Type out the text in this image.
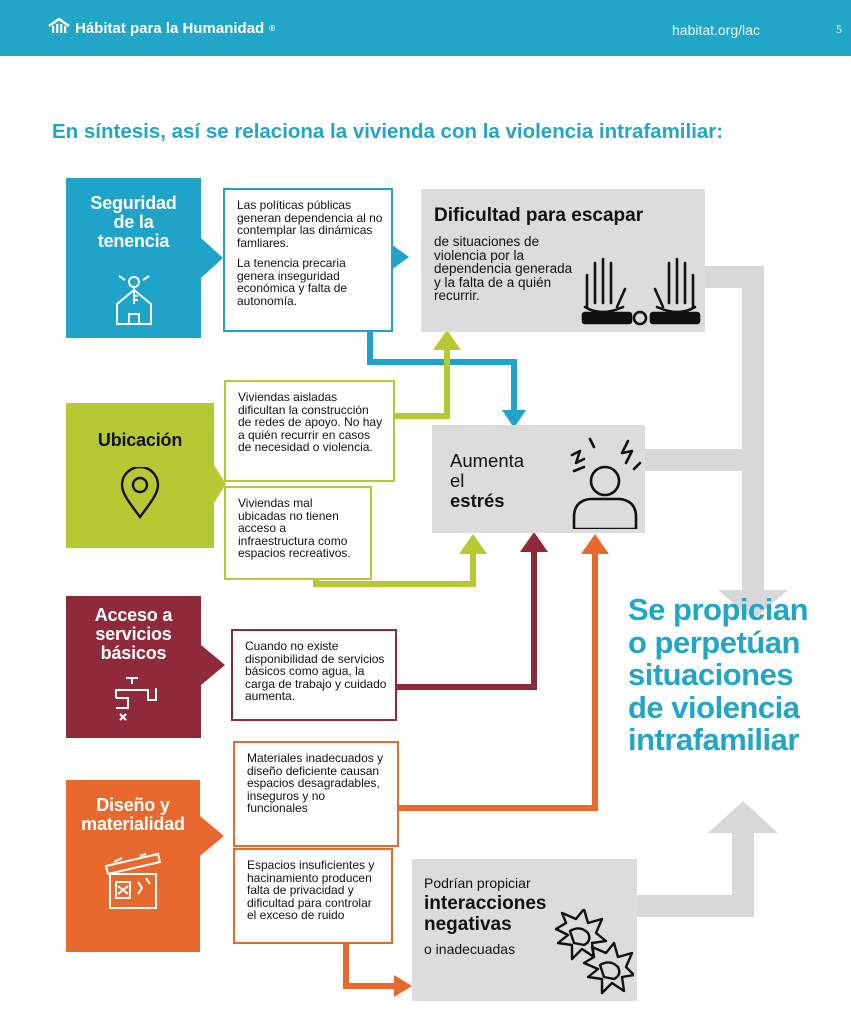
Hábitat para la Humanidad ®	habitat.org/lac	5
En síntesis, así se relaciona la vivienda con la violencia intrafamiliar:
Seguridad de la tenencia
Ubicación
Acceso a servicios básicos
Diseño y materialidad

Las políticas públicas generan dependencia al no contemplar las dinámicas famliares.

La tenencia precaria genera inseguridad económica y falta de autonomía.

Viviendas aisladas dificultan la construcción de redes de apoyo. No hay a quién recurrir en casos de necesidad o violencia.

Viviendas mal ubicadas no tienen acceso a infraestructura como espacios recreativos.

Cuando no existe disponibilidad de servicios básicos como agua, la carga de trabajo y cuidado aumenta.

Materiales inadecuados y diseño deficiente causan espacios desagradables, inseguros y no funcionales

Espacios insuficientes y hacinamiento producen falta de privacidad y dificultad para controlar el exceso de ruido

Dificultad para escapar
de situaciones de violencia por la dependencia generada y la falta de a quién recurrir.
Aumenta
el
estrés
Podrían propiciar
interacciones negativas
o inadecuadas
Se propician o perpetúan situaciones de violencia intrafamiliar
